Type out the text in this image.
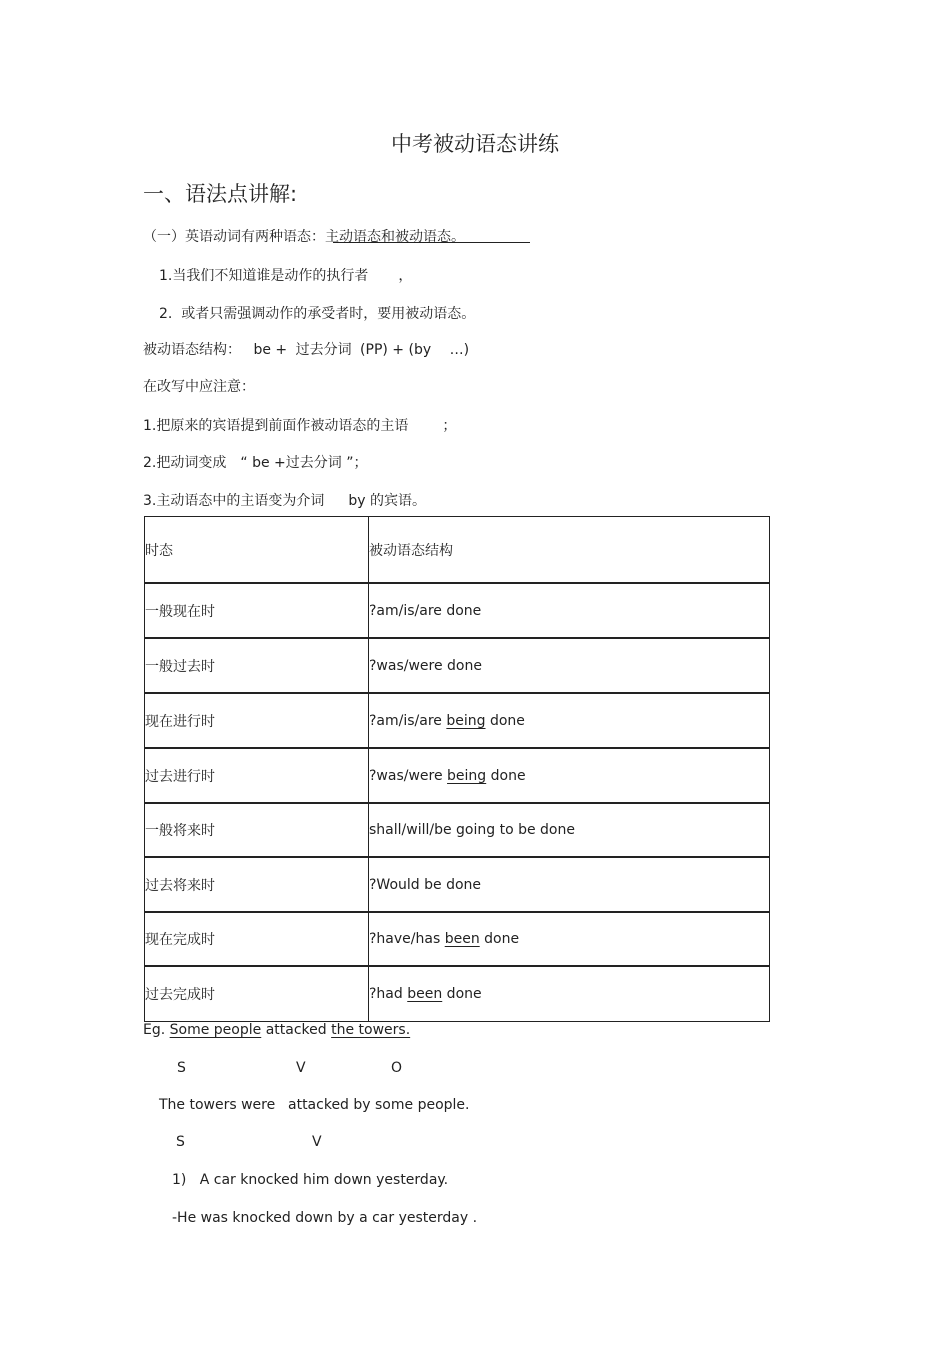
中考被动语态讲练
一、语法点讲解:
（一）英语动词有两种语态：主动语态和被动语态。
1.当我们不知道谁是动作的执行者 ，
2. 或者只需强调动作的承受者时，要用被动语态。
被动语态结构： be + 过去分词 (PP) + (by …)
在改写中应注意：
1.把原来的宾语提到前面作被动语态的主语 ；
2.把动词变成 “ be +过去分词 ”；
3.主动语态中的主语变为介词 by 的宾语。
时态	被动语态结构
一般现在时	?am/is/are done
一般过去时	?was/were done
现在进行时	?am/is/are being done
过去进行时	?was/were being done
一般将来时	shall/will/be going to be done
过去将来时	?Would be done
现在完成时	?have/has been done
过去完成时	?had been done
Eg. Some people attacked the towers.
S	V	O
The towers were attacked by some people.
S	V
1) A car knocked him down yesterday.
-He was knocked down by a car yesterday .
